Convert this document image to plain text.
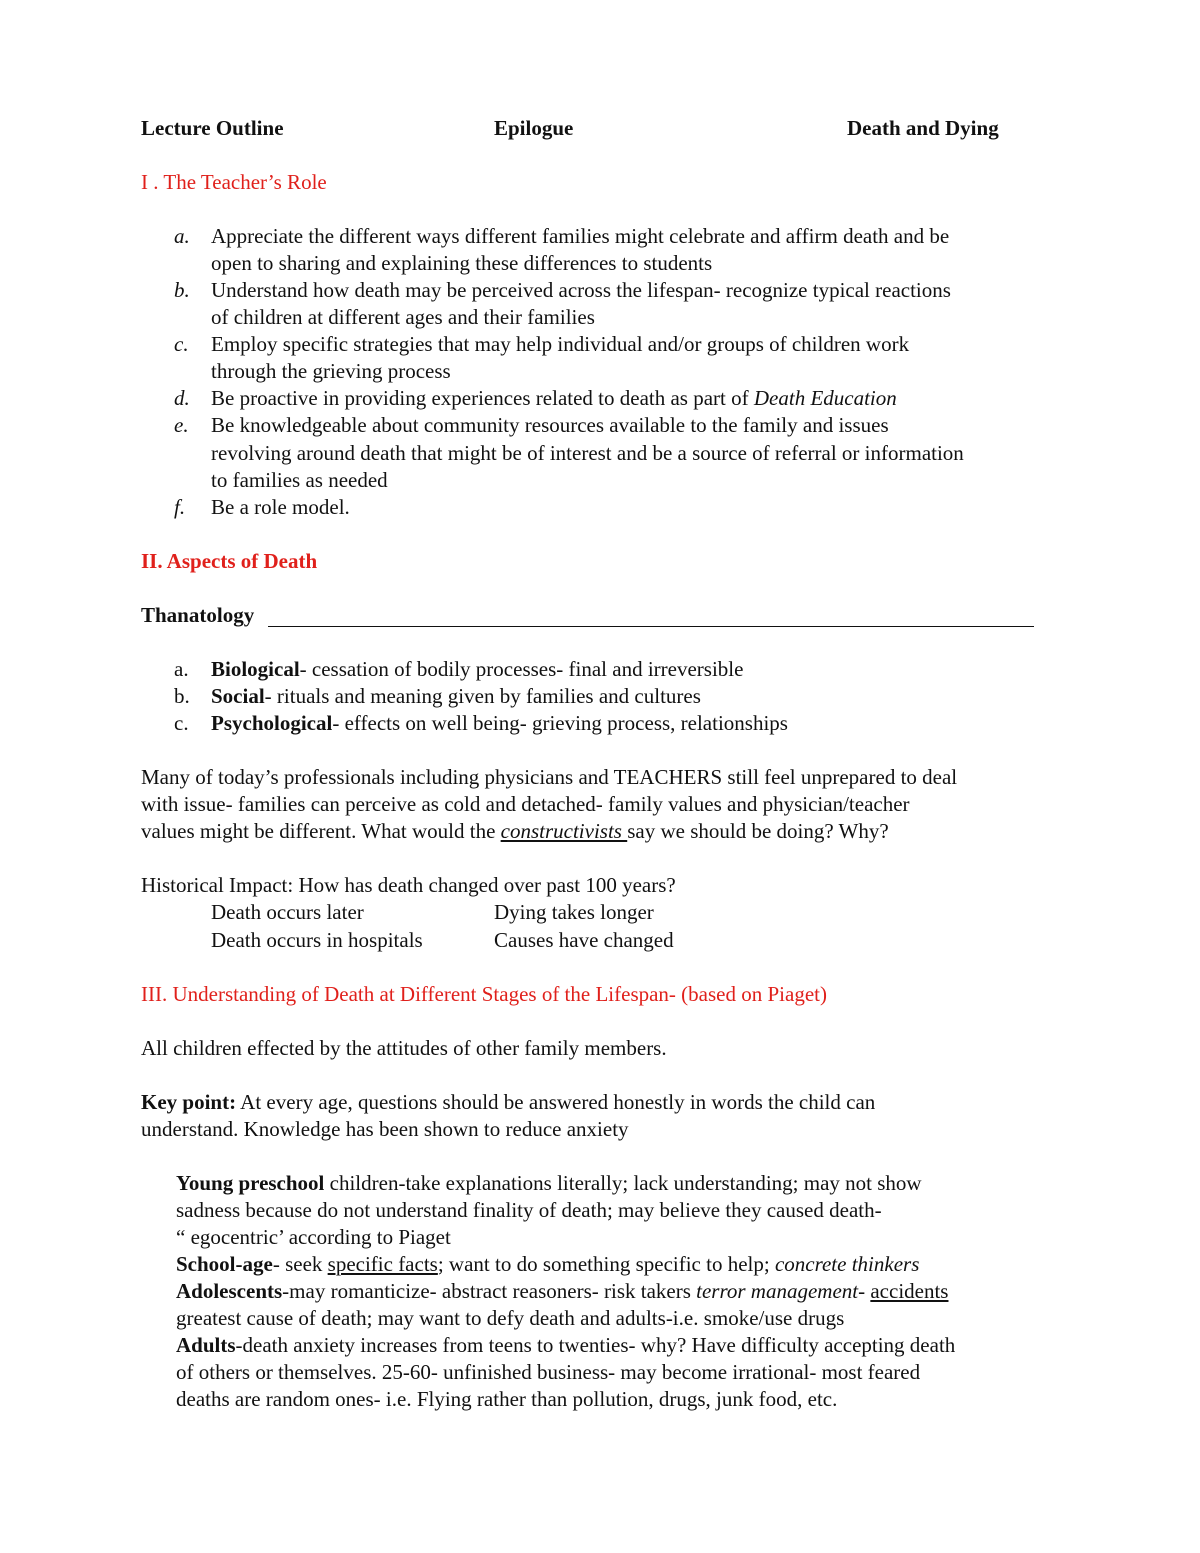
Lecture Outline	Epilogue	Death and Dying
I . The Teacher’s Role
a. Appreciate the different ways different families might celebrate and affirm death and be
open to sharing and explaining these differences to students
b. Understand how death may be perceived across the lifespan- recognize typical reactions
of children at different ages and their families
c. Employ specific strategies that may help individual and/or groups of children work
through the grieving process
d. Be proactive in providing experiences related to death as part of Death Education
e. Be knowledgeable about community resources available to the family and issues
revolving around death that might be of interest and be a source of referral or information
to families as needed
f. Be a role model.
II. Aspects of Death
Thanatology
a. Biological- cessation of bodily processes- final and irreversible
b. Social- rituals and meaning given by families and cultures
c. Psychological- effects on well being- grieving process, relationships
Many of today’s professionals including physicians and TEACHERS still feel unprepared to deal
with issue- families can perceive as cold and detached- family values and physician/teacher
values might be different. What would the constructivists say we should be doing? Why?
Historical Impact: How has death changed over past 100 years?
Death occurs later	Dying takes longer
Death occurs in hospitals	Causes have changed
III. Understanding of Death at Different Stages of the Lifespan- (based on Piaget)
All children effected by the attitudes of other family members.
Key point: At every age, questions should be answered honestly in words the child can
understand. Knowledge has been shown to reduce anxiety
Young preschool children-take explanations literally; lack understanding; may not show
sadness because do not understand finality of death; may believe they caused death-
“ egocentric’ according to Piaget
School-age- seek specific facts; want to do something specific to help; concrete thinkers
Adolescents-may romanticize- abstract reasoners- risk takers terror management- accidents
greatest cause of death; may want to defy death and adults-i.e. smoke/use drugs
Adults-death anxiety increases from teens to twenties- why? Have difficulty accepting death
of others or themselves. 25-60- unfinished business- may become irrational- most feared
deaths are random ones- i.e. Flying rather than pollution, drugs, junk food, etc.
